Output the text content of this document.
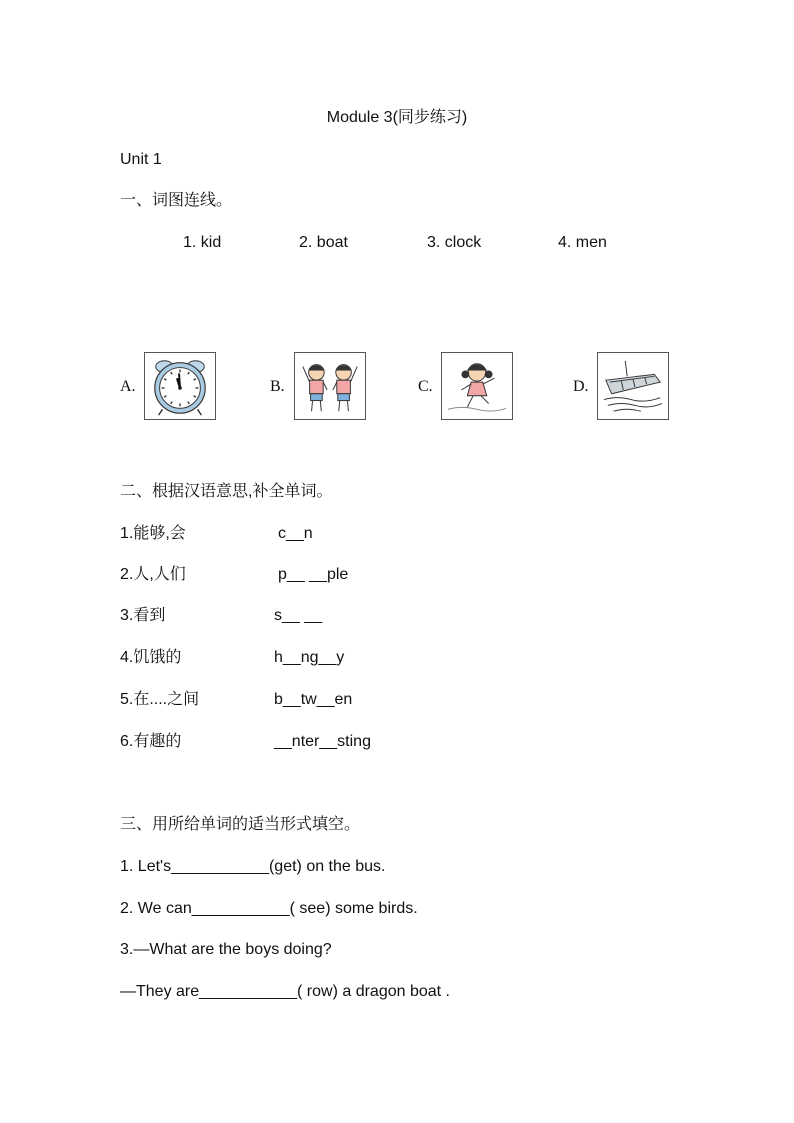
Module 3(同步练习)
Unit 1
一、词图连线。
1. kid	2. boat	3. clock	4. men
A.	B.	C.	D.
二、根据汉语意思,补全单词。
1.能够,会	c__n
2.人,人们	p__ __ple
3.看到	s__ __
4.饥饿的	h__ng__y
5.在....之间	b__tw__en
6.有趣的	__nter__sting
三、用所给单词的适当形式填空。
1. Let's___________(get) on the bus.
2. We can___________( see) some birds.
3.—What are the boys doing?
—They are___________( row) a dragon boat .
